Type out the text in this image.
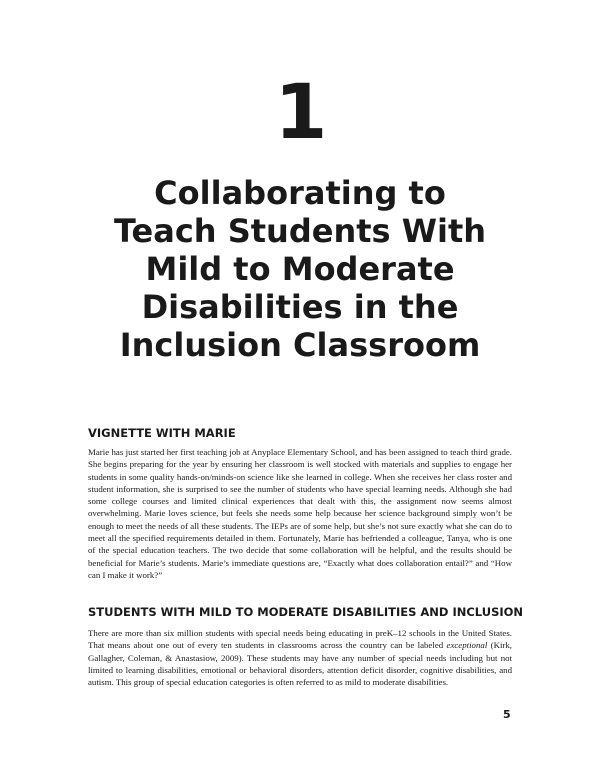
1
Collaborating to
Teach Students With
Mild to Moderate
Disabilities in the
Inclusion Classroom
VIGNETTE WITH MARIE

Marie has just started her first teaching job at Anyplace Elementary School, and has been assigned to teach third grade. She begins preparing for the year by ensuring her classroom is well stocked with materials and supplies to engage her students in some quality hands-on/minds-on science like she learned in college. When she receives her class roster and student information, she is surprised to see the number of students who have special learning needs. Although she had some college courses and limited clinical experiences that dealt with this, the assignment now seems almost overwhelming. Marie loves science, but feels she needs some help because her science background simply won’t be enough to meet the needs of all these students. The IEPs are of some help, but she’s not sure exactly what she can do to meet all the specified requirements detailed in them. Fortunately, Marie has befriended a colleague, Tanya, who is one of the special education teachers. The two decide that some collaboration will be helpful, and the results should be beneficial for Marie’s students. Marie’s immediate questions are, “Exactly what does collaboration entail?” and “How can I make it work?”

STUDENTS WITH MILD TO MODERATE DISABILITIES AND INCLUSION

There are more than six million students with special needs being educating in preK–12 schools in the United States. That means about one out of every ten students in classrooms across the country can be labeled exceptional (Kirk, Gallagher, Coleman, & Anastasiow, 2009). These students may have any number of special needs including but not limited to learning disabilities, emotional or behavioral disorders, attention deficit disorder, cognitive disabilities, and autism. This group of special education categories is often referred to as mild to moderate disabilities.

5
